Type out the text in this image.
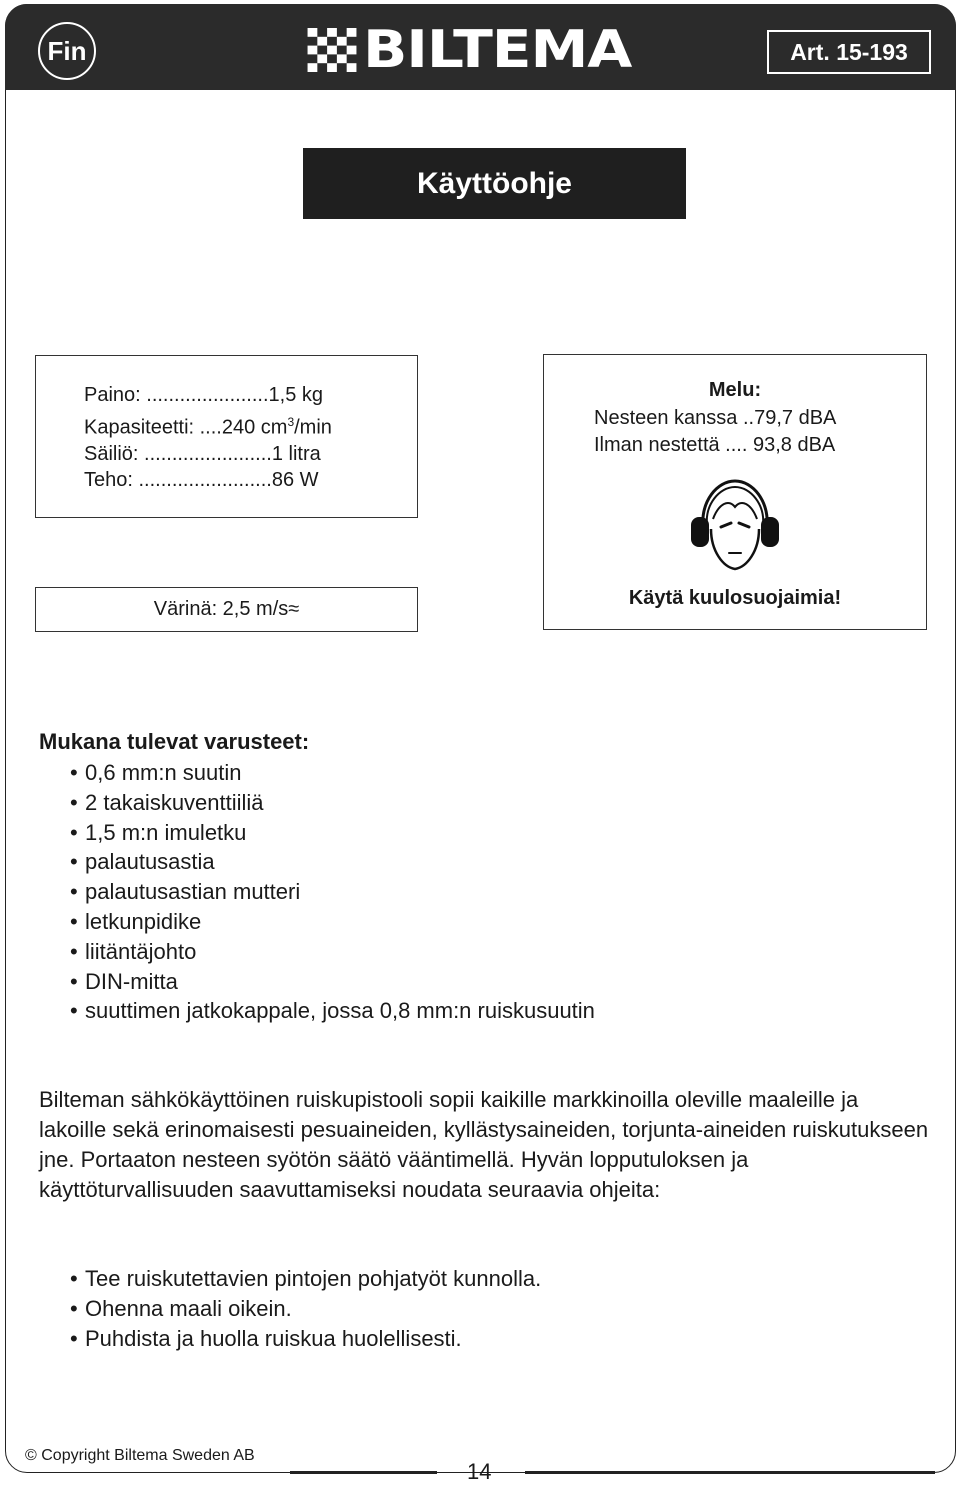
Fin	BILTEMA	Art. 15-193
Käyttöohje
Paino: ......................1,5 kg
Kapasiteetti: ....240 $cm^3/\min$
Säiliö: .......................1 litra
Teho: ........................86 W
Värinä: 2,5 m/s≈
Melu:
Nesteen kanssa ..79,7 dBA
Ilman nestettä .... 93,8 dBA
Käytä kuulosuojaimia!
Mukana tulevat varusteet:
• 0,6 mm:n suutin
• 2 takaiskuventtiiliä
• 1,5 m:n imuletku
• palautusastia
• palautusastian mutteri
• letkunpidike
• liitäntäjohto
• DIN-mitta
• suuttimen jatkokappale, jossa 0,8 mm:n ruiskusuutin

Bilteman sähkökäyttöinen ruiskupistooli sopii kaikille markkinoilla oleville maaleille ja lakoille sekä erinomaisesti pesuaineiden, kyllästysaineiden, torjunta-aineiden ruiskutukseen jne. Portaaton nesteen syötön säätö vääntimellä. Hyvän lopputuloksen ja käyttöturvallisuuden saavuttamiseksi noudata seuraavia ohjeita:

• Tee ruiskutettavien pintojen pohjatyöt kunnolla.
• Ohenna maali oikein.
• Puhdista ja huolla ruiskua huolellisesti.
© Copyright Biltema Sweden AB
14
